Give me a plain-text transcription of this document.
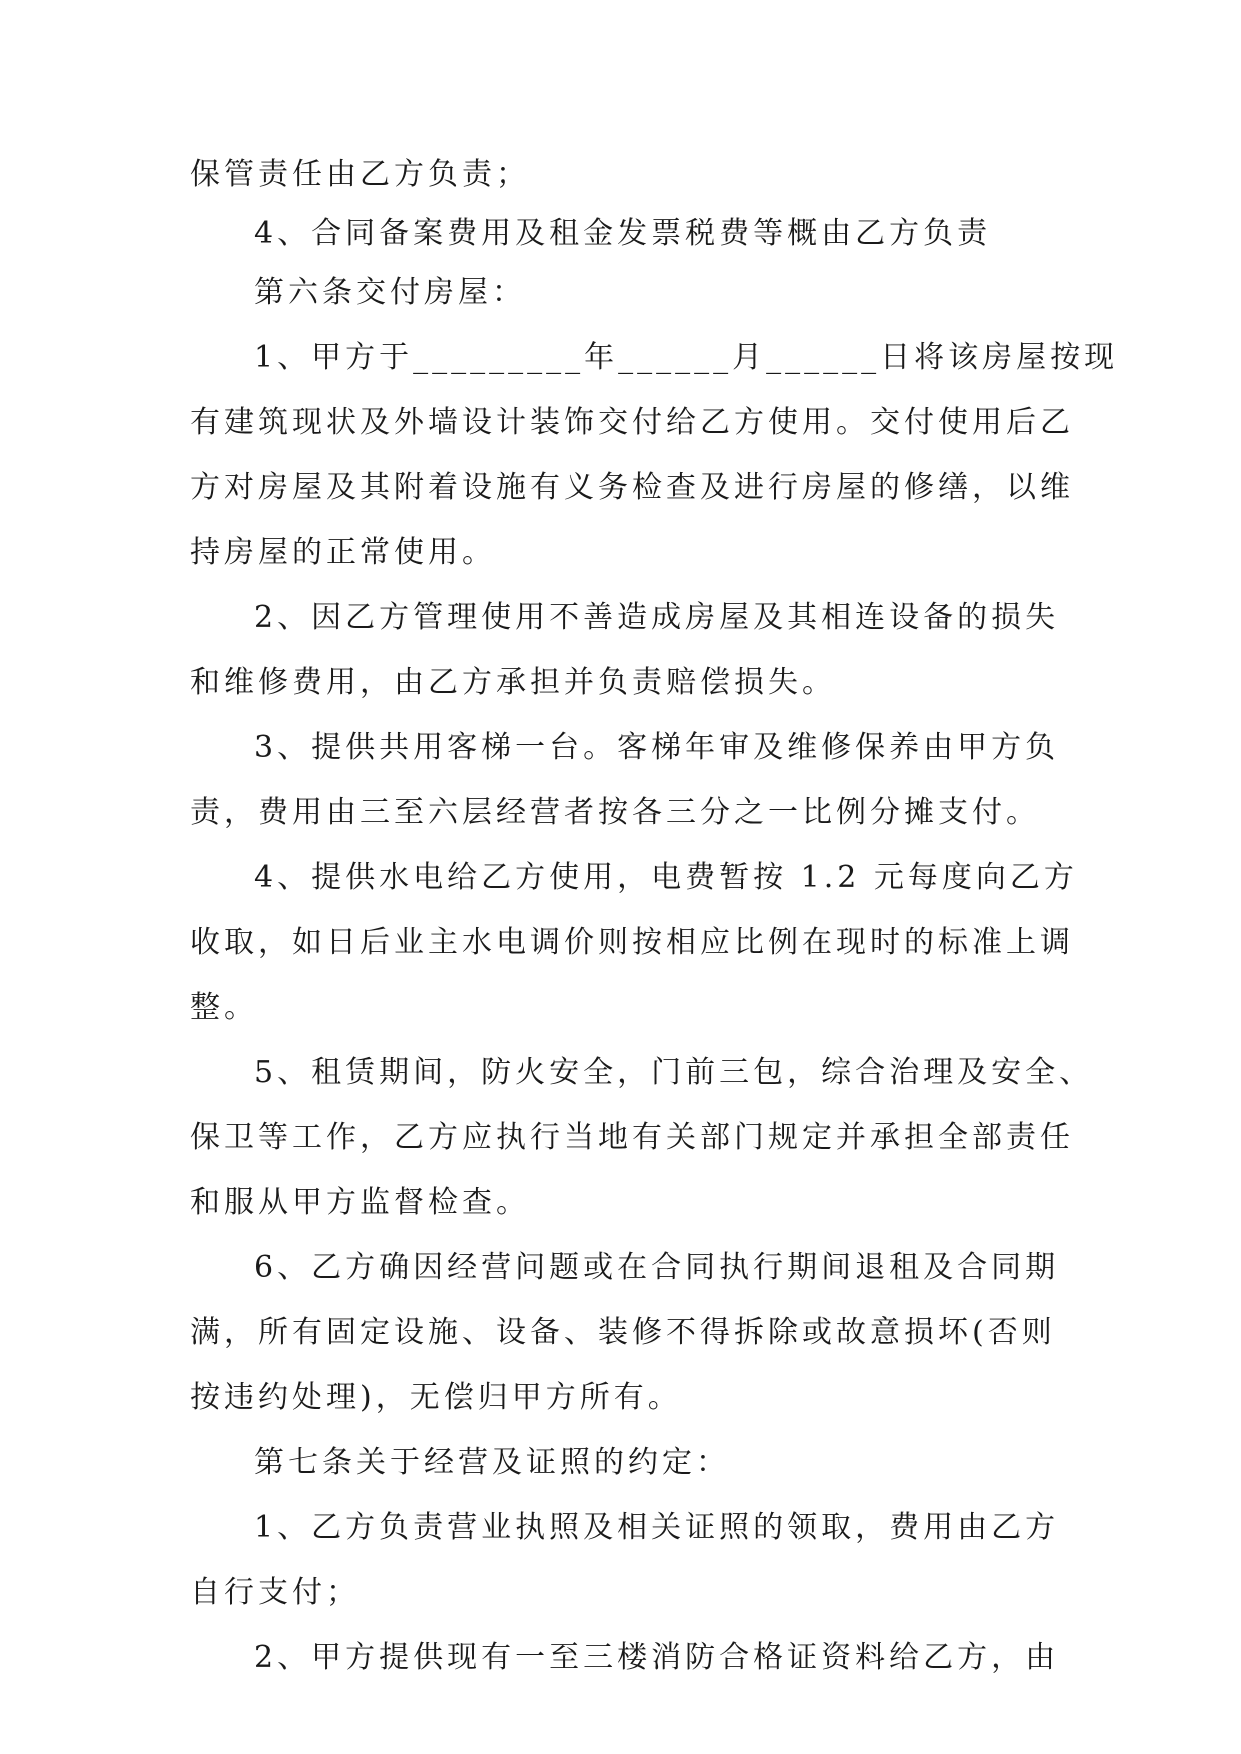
保管责任由乙方负责；
4、合同备案费用及租金发票税费等概由乙方负责
第六条交付房屋：
1、甲方于_________年______月______日将该房屋按现
有建筑现状及外墙设计装饰交付给乙方使用。交付使用后乙
方对房屋及其附着设施有义务检查及进行房屋的修缮，以维
持房屋的正常使用。
2、因乙方管理使用不善造成房屋及其相连设备的损失
和维修费用，由乙方承担并负责赔偿损失。
3、提供共用客梯一台。客梯年审及维修保养由甲方负
责，费用由三至六层经营者按各三分之一比例分摊支付。
4、提供水电给乙方使用，电费暂按 1.2 元每度向乙方
收取，如日后业主水电调价则按相应比例在现时的标准上调
整。
5、租赁期间，防火安全，门前三包，综合治理及安全、
保卫等工作，乙方应执行当地有关部门规定并承担全部责任
和服从甲方监督检查。
6、乙方确因经营问题或在合同执行期间退租及合同期
满，所有固定设施、设备、装修不得拆除或故意损坏(否则
按违约处理)，无偿归甲方所有。
第七条关于经营及证照的约定：
1、乙方负责营业执照及相关证照的领取，费用由乙方
自行支付；
2、甲方提供现有一至三楼消防合格证资料给乙方，由
